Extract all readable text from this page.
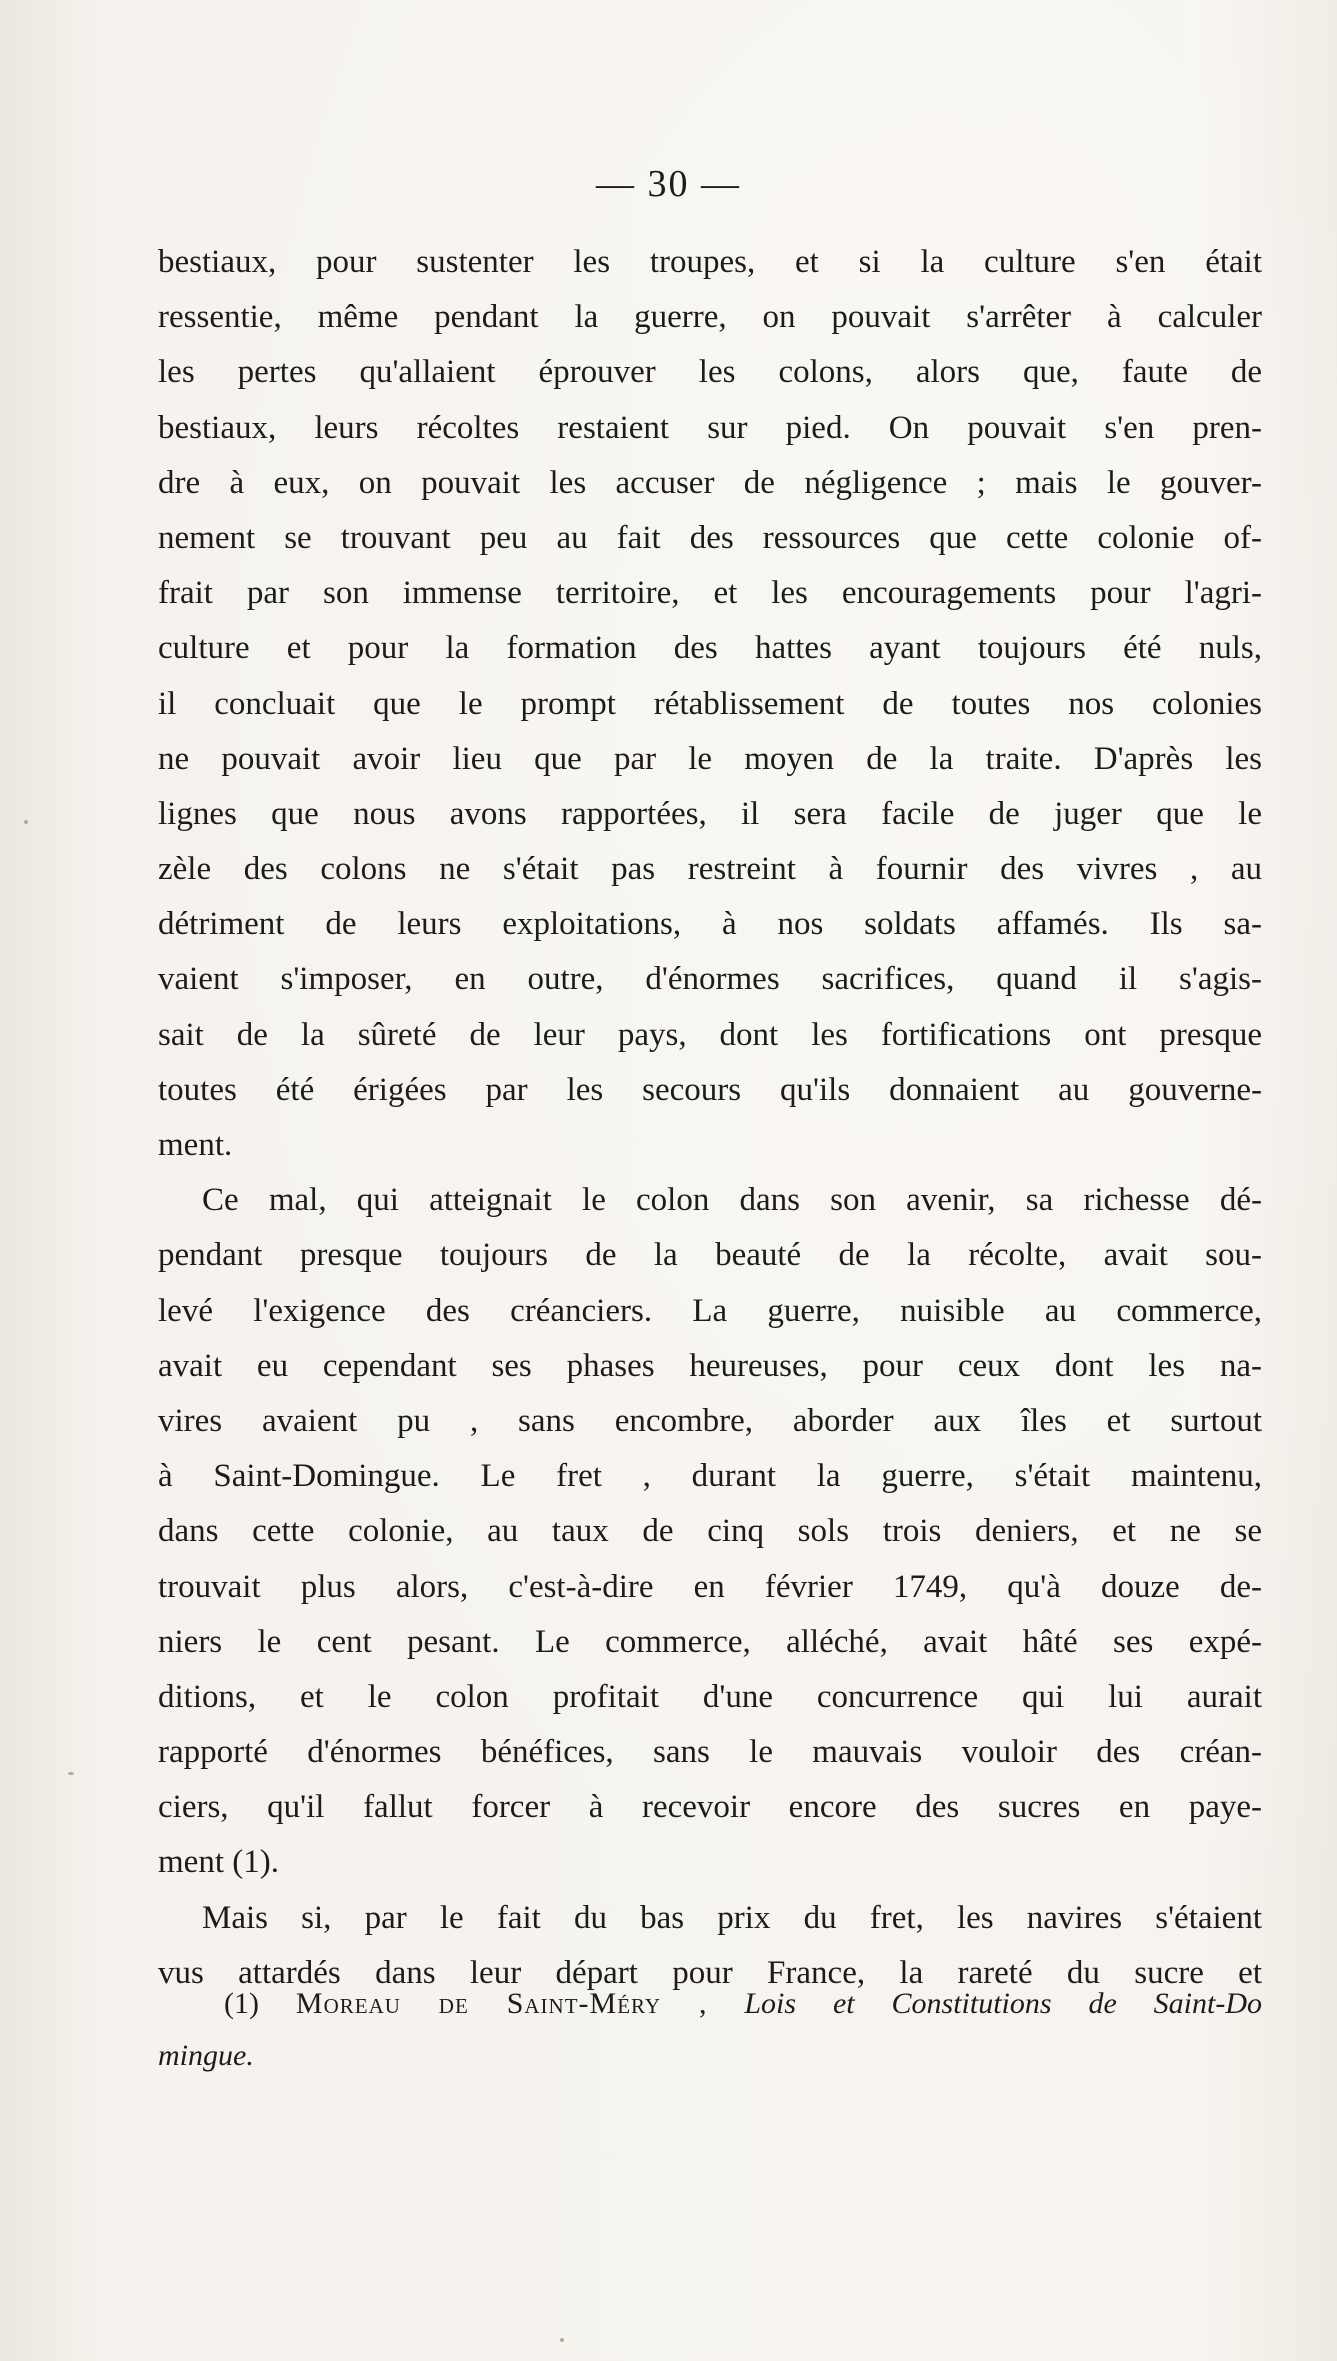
— 30 —
bestiaux, pour sustenter les troupes, et si la culture s'en était
ressentie, même pendant la guerre, on pouvait s'arrêter à calculer
les pertes qu'allaient éprouver les colons, alors que, faute de
bestiaux, leurs récoltes restaient sur pied. On pouvait s'en pren-
dre à eux, on pouvait les accuser de négligence ; mais le gouver-
nement se trouvant peu au fait des ressources que cette colonie of-
frait par son immense territoire, et les encouragements pour l'agri-
culture et pour la formation des hattes ayant toujours été nuls,
il concluait que le prompt rétablissement de toutes nos colonies
ne pouvait avoir lieu que par le moyen de la traite. D'après les
lignes que nous avons rapportées, il sera facile de juger que le
zèle des colons ne s'était pas restreint à fournir des vivres , au
détriment de leurs exploitations, à nos soldats affamés. Ils sa-
vaient s'imposer, en outre, d'énormes sacrifices, quand il s'agis-
sait de la sûreté de leur pays, dont les fortifications ont presque
toutes été érigées par les secours qu'ils donnaient au gouverne-
ment.
Ce mal, qui atteignait le colon dans son avenir, sa richesse dé-
pendant presque toujours de la beauté de la récolte, avait sou-
levé l'exigence des créanciers. La guerre, nuisible au commerce,
avait eu cependant ses phases heureuses, pour ceux dont les na-
vires avaient pu , sans encombre, aborder aux îles et surtout
à Saint-Domingue. Le fret , durant la guerre, s'était maintenu,
dans cette colonie, au taux de cinq sols trois deniers, et ne se
trouvait plus alors, c'est-à-dire en février 1749, qu'à douze de-
niers le cent pesant. Le commerce, alléché, avait hâté ses expé-
ditions, et le colon profitait d'une concurrence qui lui aurait
rapporté d'énormes bénéfices, sans le mauvais vouloir des créan-
ciers, qu'il fallut forcer à recevoir encore des sucres en paye-
ment (1).
Mais si, par le fait du bas prix du fret, les navires s'étaient
vus attardés dans leur départ pour France, la rareté du sucre et
(1) Moreau de Saint-Méry , Lois et Constitutions de Saint-Do
mingue.
